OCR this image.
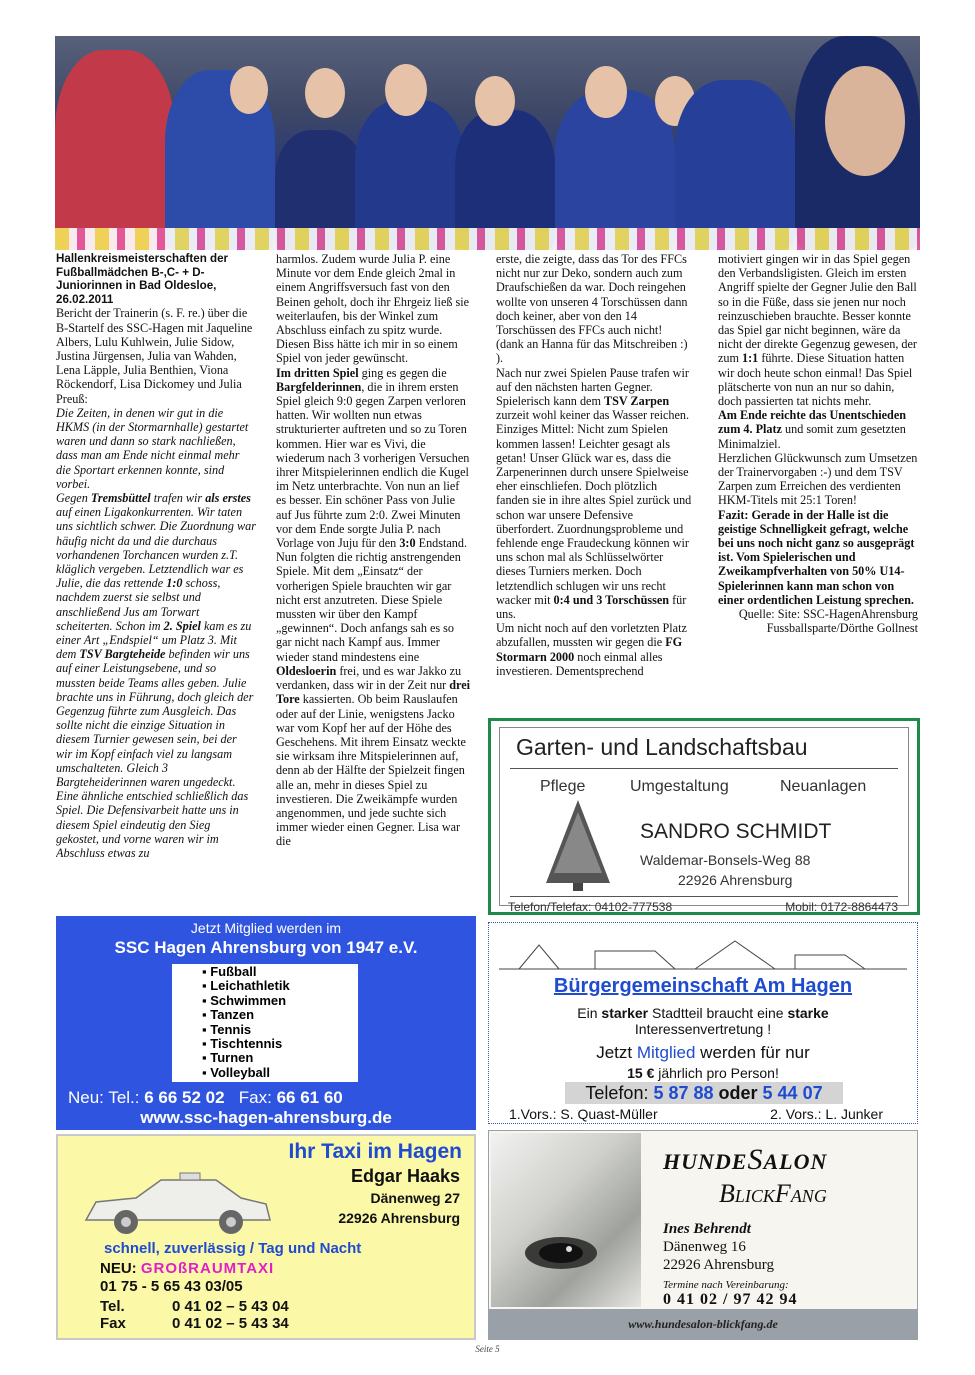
Hallenkreismeisterschaften der Fußballmädchen B-,C- + D-Juniorinnen in Bad Oldesloe, 26.02.2011

Bericht der Trainerin (s. F. re.) über die B-Startelf des SSC-Hagen mit Jaqueline Albers, Lulu Kuhlwein, Julie Sidow, Justina Jürgensen, Julia van Wahden, Lena Läpple, Julia Benthien, Viona Röckendorf, Lisa Dickomey und Julia Preuß:

Die Zeiten, in denen wir gut in die HKMS (in der Stormarnhalle) gestartet waren und dann so stark nachließen, dass man am Ende nicht einmal mehr die Sportart erkennen konnte, sind vorbei.

Gegen Tremsbüttel trafen wir als erstes auf einen Ligakonkurrenten. Wir taten uns sichtlich schwer. Die Zuordnung war häufig nicht da und die durchaus vorhandenen Torchancen wurden z.T. kläglich vergeben. Letztendlich war es Julie, die das rettende 1:0 schoss, nachdem zuerst sie selbst und anschließend Jus am Torwart scheiterten. Schon im 2. Spiel kam es zu einer Art „Endspiel“ um Platz 3. Mit dem TSV Bargteheide befinden wir uns auf einer Leistungsebene, und so mussten beide Teams alles geben. Julie brachte uns in Führung, doch gleich der Gegenzug führte zum Ausgleich. Das sollte nicht die einzige Situation in diesem Turnier gewesen sein, bei der wir im Kopf einfach viel zu langsam umschalteten. Gleich 3 Bargteheiderinnen waren ungedeckt. Eine ähnliche entschied schließlich das Spiel. Die Defensivarbeit hatte uns in diesem Spiel eindeutig den Sieg gekostet, und vorne waren wir im Abschluss etwas zu

harmlos. Zudem wurde Julia P. eine Minute vor dem Ende gleich 2mal in einem Angriffsversuch fast von den Beinen geholt, doch ihr Ehrgeiz ließ sie weiterlaufen, bis der Winkel zum Abschluss einfach zu spitz wurde. Diesen Biss hätte ich mir in so einem Spiel von jeder gewünscht.

Im dritten Spiel ging es gegen die Bargfelderinnen, die in ihrem ersten Spiel gleich 9:0 gegen Zarpen verloren hatten. Wir wollten nun etwas strukturierter auftreten und so zu Toren kommen. Hier war es Vivi, die wiederum nach 3 vorherigen Versuchen ihrer Mitspielerinnen endlich die Kugel im Netz unterbrachte. Von nun an lief es besser. Ein schöner Pass von Julie auf Jus führte zum 2:0. Zwei Minuten vor dem Ende sorgte Julia P. nach Vorlage von Juju für den 3:0 Endstand. Nun folgten die richtig anstrengenden Spiele. Mit dem „Einsatz“ der vorherigen Spiele brauchten wir gar nicht erst anzutreten. Diese Spiele mussten wir über den Kampf „gewinnen“. Doch anfangs sah es so gar nicht nach Kampf aus. Immer wieder stand mindestens eine Oldesloerin frei, und es war Jakko zu verdanken, dass wir in der Zeit nur drei Tore kassierten. Ob beim Rauslaufen oder auf der Linie, wenigstens Jacko war vom Kopf her auf der Höhe des Geschehens. Mit ihrem Einsatz weckte sie wirksam ihre Mitspielerinnen auf, denn ab der Hälfte der Spielzeit fingen alle an, mehr in dieses Spiel zu investieren. Die Zweikämpfe wurden angenommen, und jede suchte sich immer wieder einen Gegner. Lisa war die

erste, die zeigte, dass das Tor des FFCs nicht nur zur Deko, sondern auch zum Draufschießen da war. Doch reingehen wollte von unseren 4 Torschüssen dann doch keiner, aber von den 14 Torschüssen des FFCs auch nicht! (dank an Hanna für das Mitschreiben :) ).

Nach nur zwei Spielen Pause trafen wir auf den nächsten harten Gegner. Spielerisch kann dem TSV Zarpen zurzeit wohl keiner das Wasser reichen. Einziges Mittel: Nicht zum Spielen kommen lassen! Leichter gesagt als getan! Unser Glück war es, dass die Zarpenerinnen durch unsere Spielweise eher einschliefen. Doch plötzlich fanden sie in ihre altes Spiel zurück und schon war unsere Defensive überfordert. Zuordnungsprobleme und fehlende enge Fraudeckung können wir uns schon mal als Schlüsselwörter dieses Turniers merken. Doch letztendlich schlugen wir uns recht wacker mit 0:4 und 3 Torschüssen für uns.

Um nicht noch auf den vorletzten Platz abzufallen, mussten wir gegen die FG Stormarn 2000 noch einmal alles investieren. Dementsprechend

motiviert gingen wir in das Spiel gegen den Verbandsligisten. Gleich im ersten Angriff spielte der Gegner Julie den Ball so in die Füße, dass sie jenen nur noch reinzuschieben brauchte. Besser konnte das Spiel gar nicht beginnen, wäre da nicht der direkte Gegenzug gewesen, der zum 1:1 führte. Diese Situation hatten wir doch heute schon einmal! Das Spiel plätscherte von nun an nur so dahin, doch passierten tat nichts mehr.

Am Ende reichte das Unentschieden zum 4. Platz und somit zum gesetzten Minimalziel.

Herzlichen Glückwunsch zum Umsetzen der Trainervorgaben :-) und dem TSV Zarpen zum Erreichen des verdienten HKM-Titels mit 25:1 Toren!

Fazit: Gerade in der Halle ist die geistige Schnelligkeit gefragt, welche bei uns noch nicht ganz so ausgeprägt ist. Vom Spielerischen und Zweikampfverhalten von 50% U14-Spielerinnen kann man schon von einer ordentlichen Leistung sprechen.

Quelle: Site: SSC-HagenAhrensburg

Fussballsparte/Dörthe Gollnest

Garten- und Landschaftsbau
Pflege	Umgestaltung	Neuanlagen
SANDRO SCHMIDT
Waldemar-Bonsels-Weg 88
22926 Ahrensburg
Telefon/Telefax: 04102-777538	Mobil: 0172-8864473
Jetzt Mitglied werden im
SSC Hagen Ahrensburg von 1947 e.V.
▪ Fußball
▪ Leichathletik
▪ Schwimmen
▪ Tanzen
▪ Tennis
▪ Tischtennis
▪ Turnen
▪ Volleyball
Neu: Tel.: 6 66 52 02 Fax: 66 61 60
www.ssc-hagen-ahrensburg.de
Bürgergemeinschaft Am Hagen
Ein starker Stadtteil braucht eine starke
Interessenvertretung !
Jetzt Mitglied werden für nur
15 € jährlich pro Person!
Telefon: 5 87 88 oder 5 44 07
1.Vors.: S. Quast-Müller	2. Vors.: L. Junker
Ihr Taxi im Hagen
Edgar Haaks
Dänenweg 27
22926 Ahrensburg
schnell, zuverlässig / Tag und Nacht
NEU: GROßRAUMTAXI
01 75 - 5 65 43 03/05
Tel.	0 41 02 – 5 43 04
Fax	0 41 02 – 5 43 34
HUNDESALON
BLICKFANG
Ines Behrendt
Dänenweg 16
22926 Ahrensburg
Termine nach Vereinbarung:
0 41 02 / 97 42 94
www.hundesalon-blickfang.de
Seite 5
